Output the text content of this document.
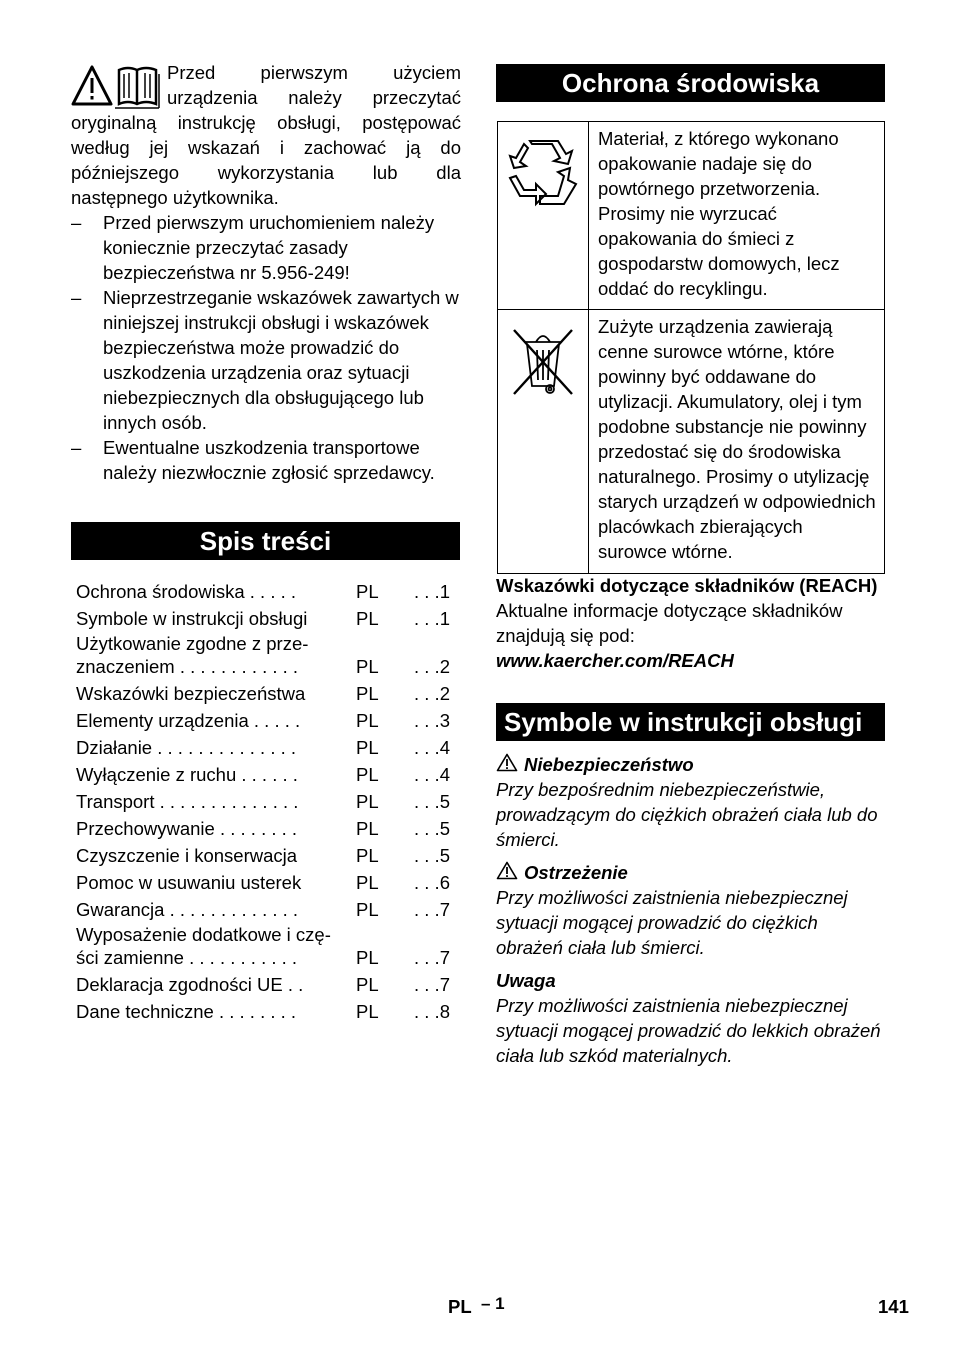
Przed pierwszym użyciem urządzenia należy przeczytać oryginalną instrukcję obsługi, postępować według jej wskazań i zachować ją do późniejszego wykorzystania lub dla następnego użytkownika.

– Przed pierwszym uruchomieniem należy koniecznie przeczytać zasady bezpieczeństwa nr 5.956-249!
– Nieprzestrzeganie wskazówek zawartych w niniejszej instrukcji obsługi i wskazówek bezpieczeństwa może prowadzić do uszkodzenia urządzenia oraz sytuacji niebezpiecznych dla obsługującego lub innych osób.
– Ewentualne uszkodzenia transportowe należy niezwłocznie zgłosić sprzedawcy.
Spis treści
Ochrona środowiska . . . . .	PL	. . .1
Symbole w instrukcji obsługi	PL	. . .1
Użytkowanie zgodne z prze-
znaczeniem . . . . . . . . . . . .	PL	. . .2
Wskazówki bezpieczeństwa	PL	. . .2
Elementy urządzenia . . . . .	PL	. . .3
Działanie . . . . . . . . . . . . . .	PL	. . .4
Wyłączenie z ruchu . . . . . .	PL	. . .4
Transport . . . . . . . . . . . . . .	PL	. . .5
Przechowywanie . . . . . . . .	PL	. . .5
Czyszczenie i konserwacja	PL	. . .5
Pomoc w usuwaniu usterek	PL	. . .6
Gwarancja . . . . . . . . . . . . .	PL	. . .7
Wyposażenie dodatkowe i czę-
ści zamienne . . . . . . . . . . .	PL	. . .7
Deklaracja zgodności UE . .	PL	. . .7
Dane techniczne . . . . . . . .	PL	. . .8
Ochrona środowiska
	Materiał, z którego wykonano opakowanie nadaje się do powtórnego przetworzenia. Prosimy nie wyrzucać opakowania do śmieci z gospodarstw domowych, lecz oddać do recyklingu.
	Zużyte urządzenia zawierają cenne surowce wtórne, które powinny być oddawane do utylizacji. Akumulatory, olej i tym podobne substancje nie powinny przedostać się do środowiska naturalnego. Prosimy o utylizację starych urządzeń w odpowiednich placówkach zbierających surowce wtórne.

Wskazówki dotyczące składników (REACH)

Aktualne informacje dotyczące składników znajdują się pod:

www.kaercher.com/REACH

Symbole w instrukcji obsługi

Niebezpieczeństwo

Przy bezpośrednim niebezpieczeństwie, prowadzącym do ciężkich obrażeń ciała lub do śmierci.

Ostrzeżenie

Przy możliwości zaistnienia niebezpiecznej sytuacji mogącej prowadzić do ciężkich obrażeń ciała lub śmierci.

Uwaga

Przy możliwości zaistnienia niebezpiecznej sytuacji mogącej prowadzić do lekkich obrażeń ciała lub szkód materialnych.

PL – 1	141
